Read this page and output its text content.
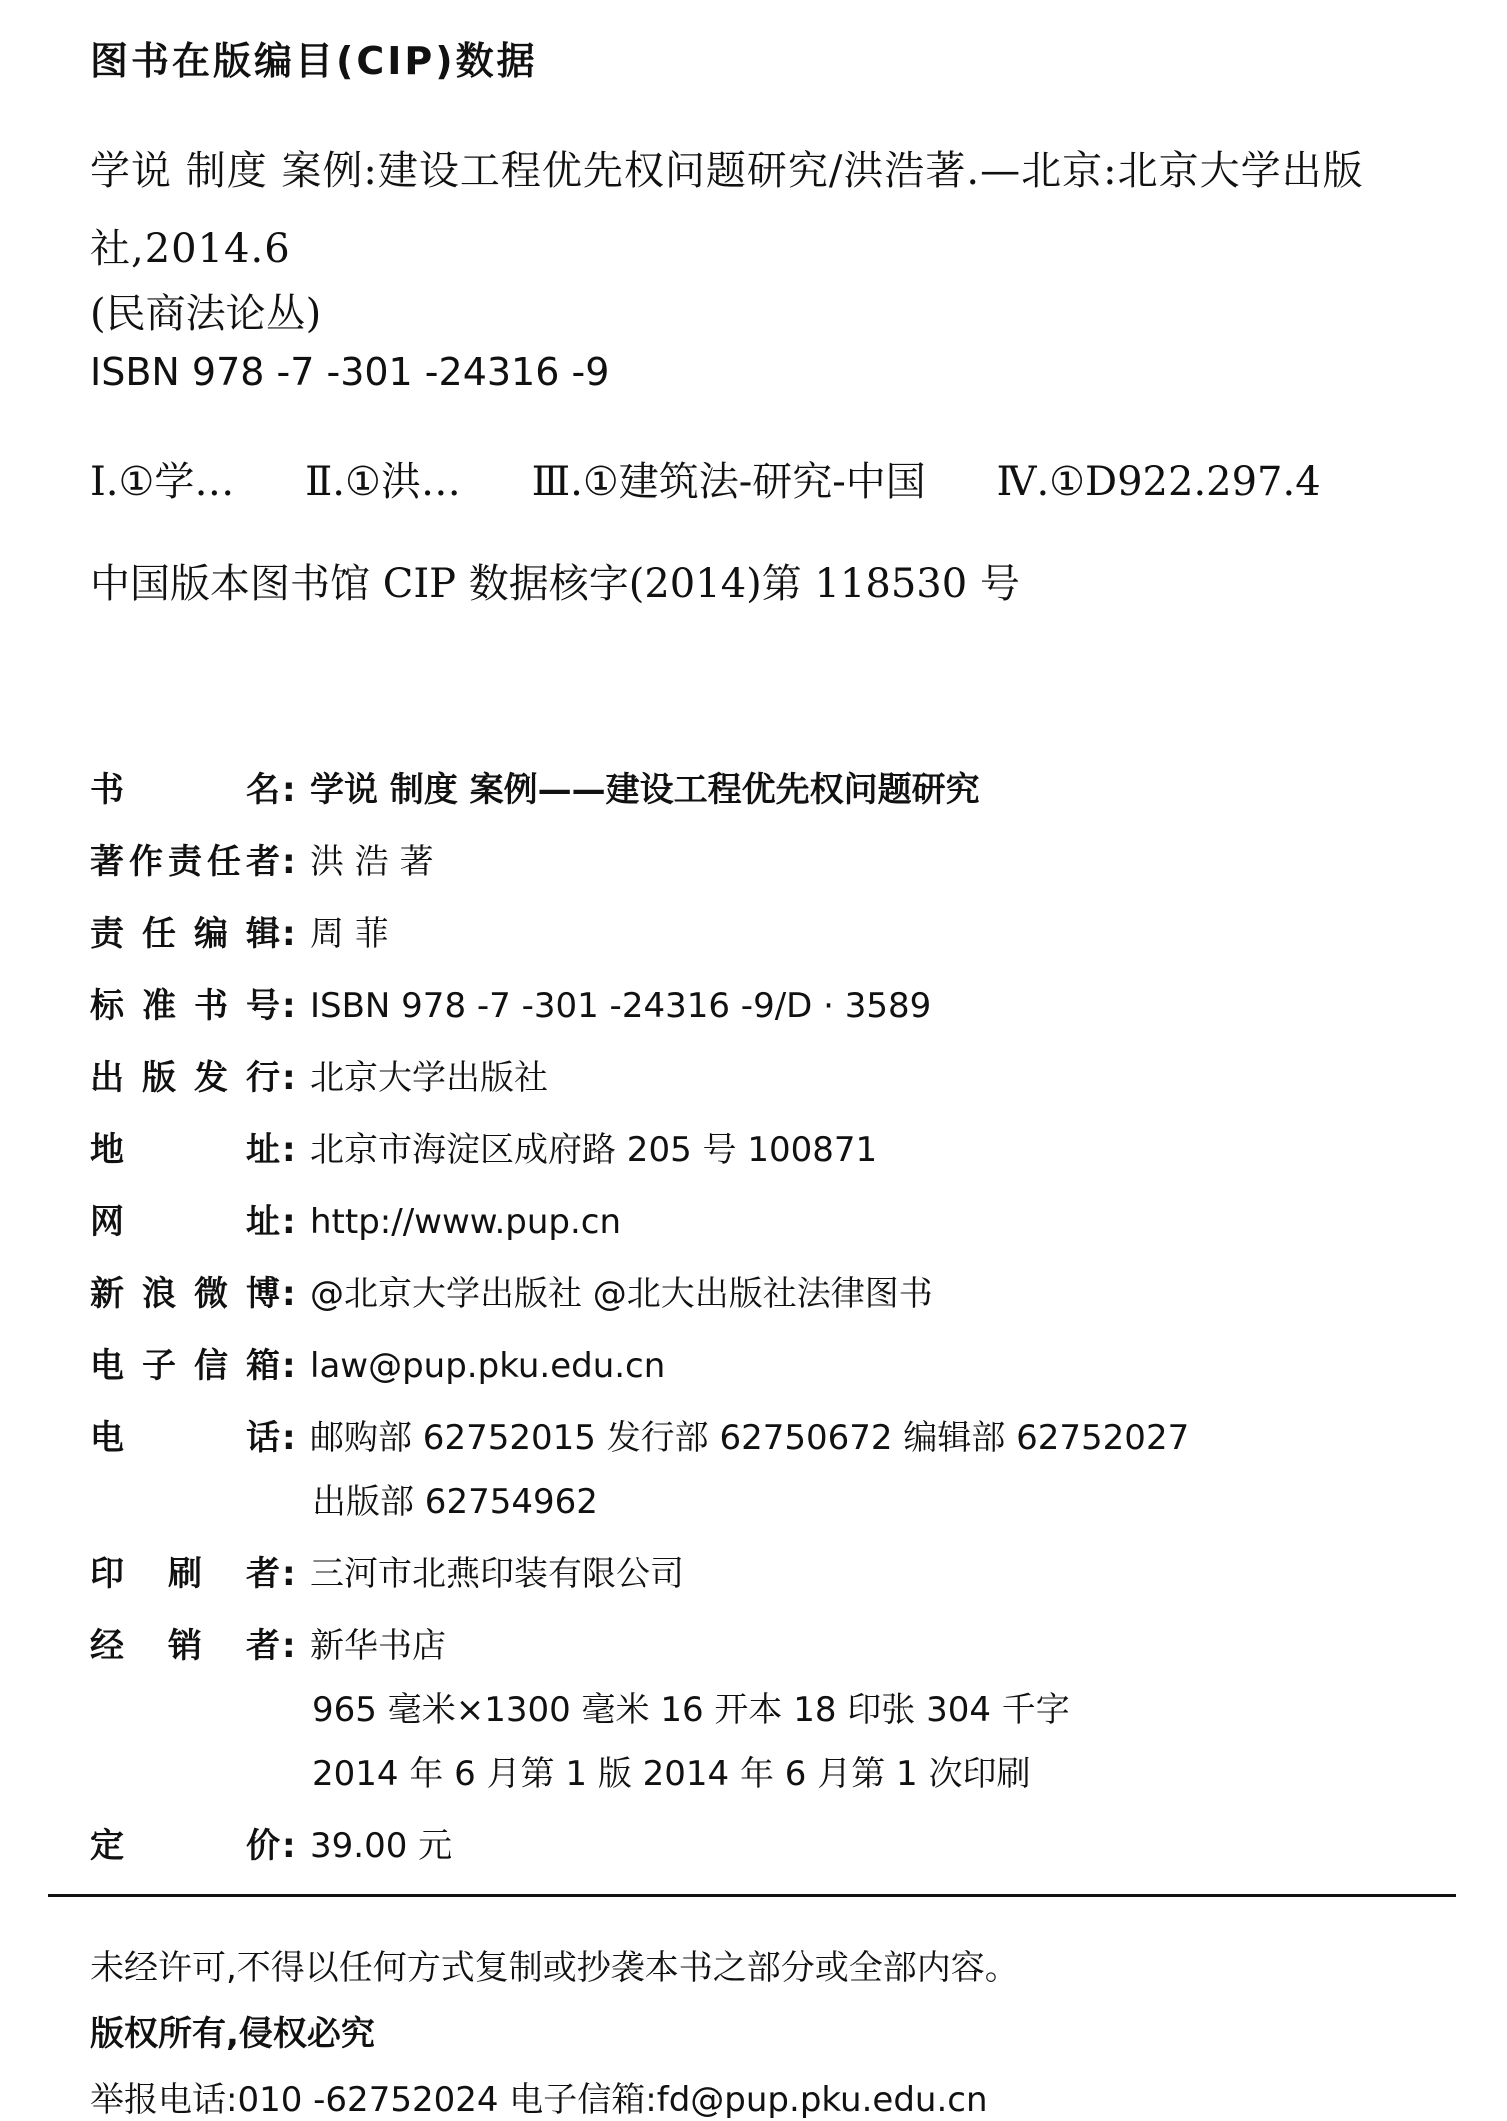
图书在版编目(CIP)数据
学说 制度 案例:建设工程优先权问题研究/洪浩著.—北京:北京大学出版社,2014.6
(民商法论丛)
ISBN 978 -7 -301 -24316 -9
Ⅰ.①学… Ⅱ.①洪… Ⅲ.①建筑法-研究-中国 Ⅳ.①D922.297.4
中国版本图书馆 CIP 数据核字(2014)第 118530 号
书	名 : 学说 制度 案例——建设工程优先权问题研究
著 作 责 任 者 : 洪 浩 著
责 任 编 辑 : 周 菲
标 准 书 号 : ISBN 978 -7 -301 -24316 -9/D · 3589
出 版 发 行 : 北京大学出版社
地	址 : 北京市海淀区成府路 205 号 100871
网	址 : http://www.pup.cn
新 浪 微 博 : @北京大学出版社 @北大出版社法律图书
电 子 信 箱 : law@pup.pku.edu.cn
电	话 : 邮购部 62752015 发行部 62750672 编辑部 62752027
出版部 62754962
印 刷 者 : 三河市北燕印装有限公司
经 销 者 : 新华书店
965 毫米×1300 毫米 16 开本 18 印张 304 千字
2014 年 6 月第 1 版 2014 年 6 月第 1 次印刷
定	价 : 39.00 元
未经许可,不得以任何方式复制或抄袭本书之部分或全部内容。
版权所有,侵权必究
举报电话:010 -62752024 电子信箱:fd@pup.pku.edu.cn
